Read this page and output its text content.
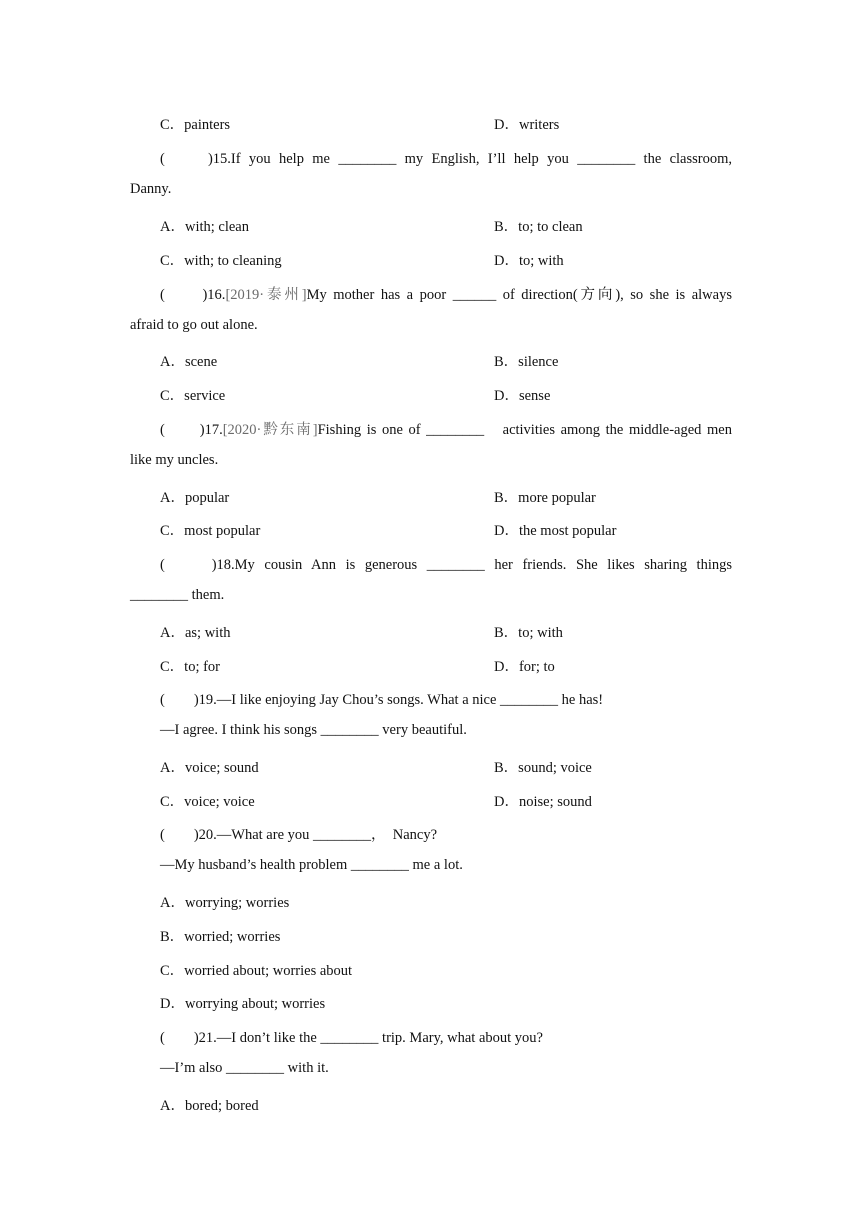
C．painters	D．writers
(　　)15.If you help me ________ my English, I’ll help you ________ the classroom,
Danny.
A．with; clean	B．to; to clean
C．with; to cleaning	D．to; with
(　　)16.[2019·泰州]My mother has a poor ______ of direction(方向), so she is always
afraid to go out alone.
A．scene	B．silence
C．service	D．sense
(　　)17.[2020·黔东南]Fishing is one of ________　activities among the middle-aged men
like my uncles.
A．popular	B．more popular
C．most popular	D．the most popular
(　　)18.My cousin Ann is generous ________ her friends. She likes sharing things
________ them.
A．as; with	B．to; with
C．to; for	D．for; to
(　　)19.—I like enjoying Jay Chou’s songs. What a nice ________ he has!
—I agree. I think his songs ________ very beautiful.
A．voice; sound	B．sound; voice
C．voice; voice	D．noise; sound
(　　)20.—What are you ________，　Nancy?
—My husband’s health problem ________ me a lot.
A．worrying; worries
B．worried; worries
C．worried about; worries about
D．worrying about; worries
(　　)21.—I don’t like the ________ trip. Mary, what about you?
—I’m also ________ with it.
A．bored; bored
